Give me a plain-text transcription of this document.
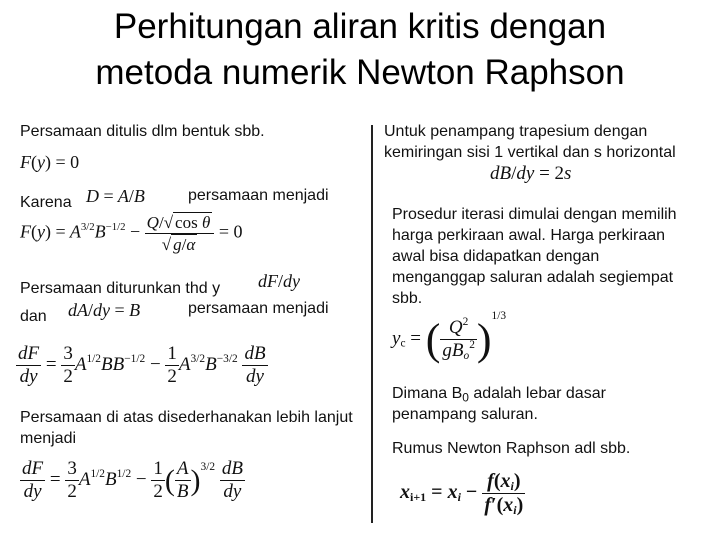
Perhitungan aliran kritis dengan
metoda numerik Newton Raphson
Persamaan ditulis dlm bentuk sbb.
F(y) = 0
Karena D = A/B	persamaan menjadi
$F(y) = A^{3/2}B^{-1/2} - \frac{\text{Q/√ cos θ}}{√ g/\alpha} = 0$
Persamaan diturunkan thd y dF/dy
dan dA/dy = B	persamaan menjadi
$\frac{dF}{dy} = \frac{3}{2} A^{1/2}BB^{-1/2} - \frac{1}{2} A^{3/2}B^{-3/2} \frac{dB}{dy}$
Persamaan di atas disederhanakan lebih lanjut menjadi
$\frac{dF}{dy} = \frac{3}{2} A^{1/2}B^{1/2} - \frac{1}{2}$ ( $\frac{A}{B} )^{3/2} \frac{dB}{dy}$
Untuk penampang trapesium dengan kemiringan sisi 1 vertikal dan s horizontal
dB/dy = 2s
Prosedur iterasi dimulai dengan memilih harga perkiraan awal. Harga perkiraan awal bisa didapatkan dengan menganggap saluran adalah segiempat sbb.
$y_c$ = ( $\frac{Q^2}{gB_o^2} )^{1/3}$
Dimana $B_0$ adalah lebar dasar penampang saluran.
Rumus Newton Raphson adl sbb.
$x_{i+1} = x_i - \frac{f(x_i)}{f'(x_i)}$
